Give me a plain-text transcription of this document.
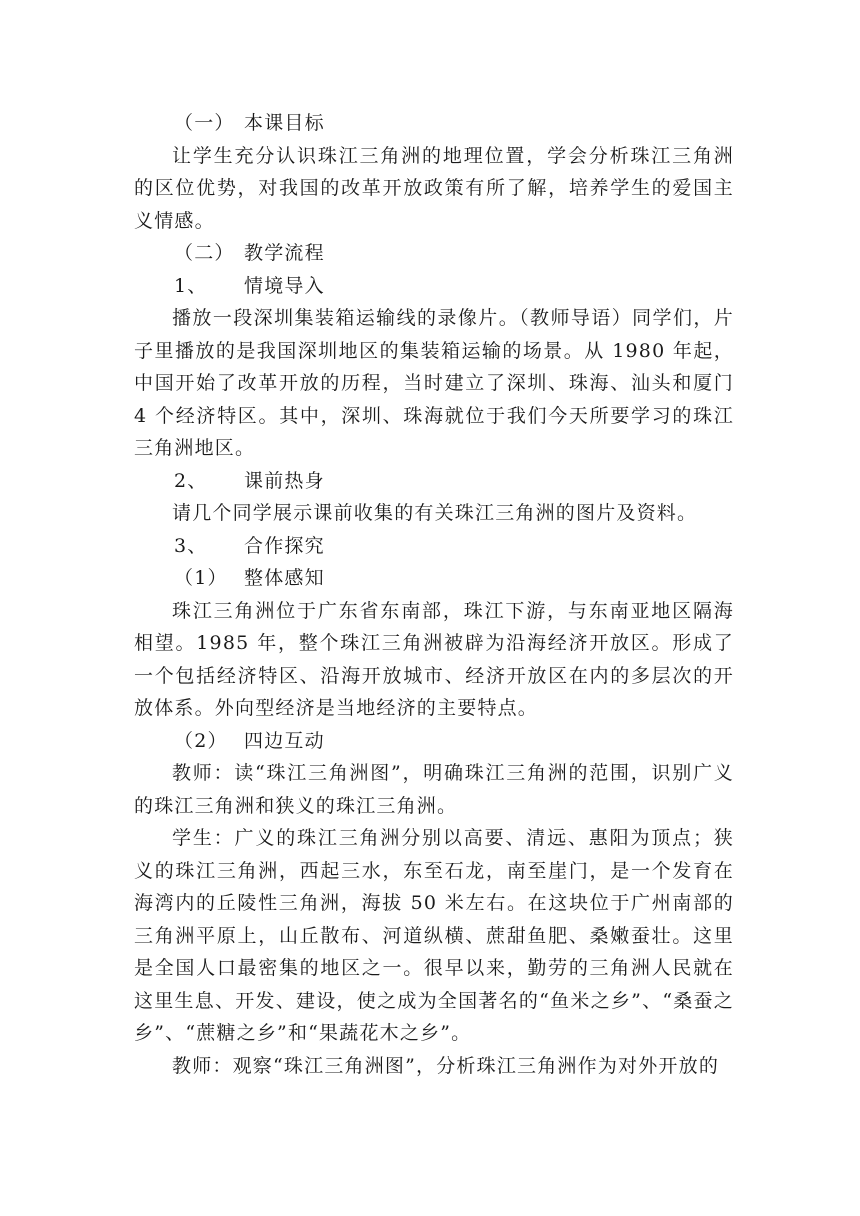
（一） 本课目标

让学生充分认识珠江三角洲的地理位置，学会分析珠江三角洲的区位优势，对我国的改革开放政策有所了解，培养学生的爱国主义情感。

（二） 教学流程

1、 情境导入

播放一段深圳集装箱运输线的录像片。（教师导语）同学们，片子里播放的是我国深圳地区的集装箱运输的场景。从 1980 年起，中国开始了改革开放的历程，当时建立了深圳、珠海、汕头和厦门 4 个经济特区。其中，深圳、珠海就位于我们今天所要学习的珠江三角洲地区。

2、 课前热身

请几个同学展示课前收集的有关珠江三角洲的图片及资料。

3、 合作探究

（1） 整体感知

珠江三角洲位于广东省东南部，珠江下游，与东南亚地区隔海相望。1985 年，整个珠江三角洲被辟为沿海经济开放区。形成了一个包括经济特区、沿海开放城市、经济开放区在内的多层次的开放体系。外向型经济是当地经济的主要特点。

（2） 四边互动

教师：读“珠江三角洲图”，明确珠江三角洲的范围，识别广义的珠江三角洲和狭义的珠江三角洲。

学生：广义的珠江三角洲分别以高要、清远、惠阳为顶点；狭义的珠江三角洲，西起三水，东至石龙，南至崖门，是一个发育在海湾内的丘陵性三角洲，海拔 50 米左右。在这块位于广州南部的三角洲平原上，山丘散布、河道纵横、蔗甜鱼肥、桑嫩蚕壮。这里是全国人口最密集的地区之一。很早以来，勤劳的三角洲人民就在这里生息、开发、建设，使之成为全国著名的“鱼米之乡”、“桑蚕之乡”、“蔗糖之乡”和“果蔬花木之乡”。

教师：观察“珠江三角洲图”，分析珠江三角洲作为对外开放的
